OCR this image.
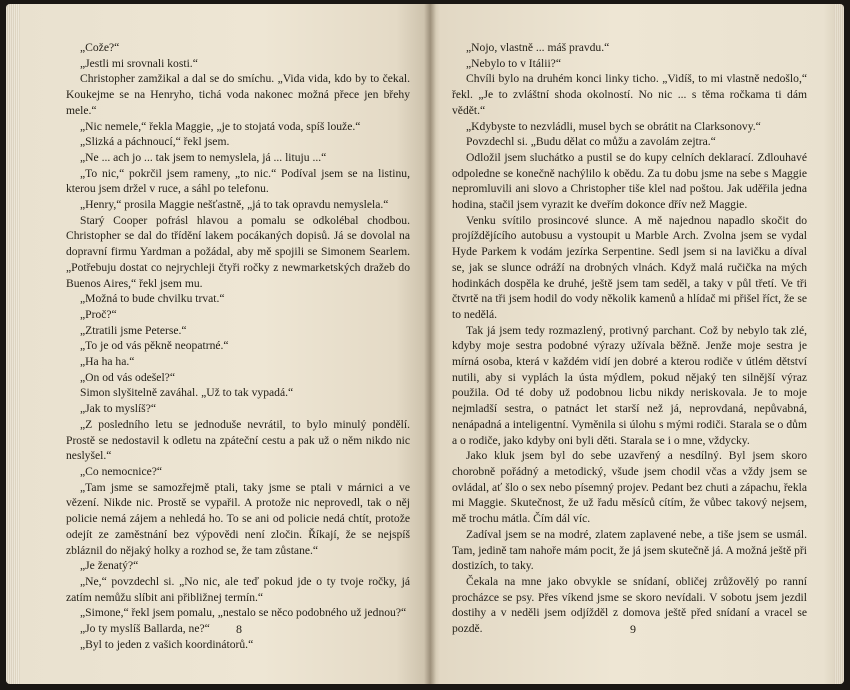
„Cože?“

„Jestli mi srovnali kosti.“

Christopher zamžikal a dal se do smíchu. „Vida vida, kdo by to čekal. Koukejme se na Henryho, tichá voda nakonec možná přece jen břehy mele.“

„Nic nemele,“ řekla Maggie, „je to stojatá voda, spíš louže.“

„Slizká a páchnoucí,“ řekl jsem.

„Ne ... ach jo ... tak jsem to nemyslela, já ... lituju ...“

„To nic,“ pokrčil jsem rameny, „to nic.“ Podíval jsem se na listinu, kterou jsem držel v ruce, a sáhl po telefonu.

„Henry,“ prosila Maggie nešťastně, „já to tak opravdu nemyslela.“

Starý Cooper pofrásl hlavou a pomalu se odkolébal chodbou. Christopher se dal do třídění lakem pocákaných dopisů. Já se dovolal na dopravní firmu Yardman a požádal, aby mě spojili se Simonem Searlem. „Potřebuju dostat co nejrychleji čtyři ročky z newmarketských dražeb do Buenos Aires,“ řekl jsem mu.

„Možná to bude chvilku trvat.“

„Proč?“

„Ztratili jsme Peterse.“

„To je od vás pěkně neopatrné.“

„Ha ha ha.“

„On od vás odešel?“

Simon slyšitelně zaváhal. „Už to tak vypadá.“

„Jak to myslíš?“

„Z posledního letu se jednoduše nevrátil, to bylo minulý pondělí. Prostě se nedostavil k odletu na zpáteční cestu a pak už o něm nikdo nic neslyšel.“

„Co nemocnice?“

„Tam jsme se samozřejmě ptali, taky jsme se ptali v márnici a ve vězení. Nikde nic. Prostě se vypařil. A protože nic neprovedl, tak o něj policie nemá zájem a nehledá ho. To se ani od policie nedá chtít, protože odejít ze zaměstnání bez výpovědi není zločin. Říkají, že se nejspíš zbláznil do nějaký holky a rozhod se, že tam zůstane.“

„Je ženatý?“

„Ne,“ povzdechl si. „No nic, ale teď pokud jde o ty tvoje ročky, já zatím nemůžu slíbit ani přibližnej termín.“

„Simone,“ řekl jsem pomalu, „nestalo se něco podobného už jednou?“

„Jo ty myslíš Ballarda, ne?“

„Byl to jeden z vašich koordinátorů.“

8

„Nojo, vlastně ... máš pravdu.“

„Nebylo to v Itálii?“

Chvíli bylo na druhém konci linky ticho. „Vidíš, to mi vlastně nedošlo,“ řekl. „Je to zvláštní shoda okolností. No nic ... s těma ročkama ti dám vědět.“

„Kdybyste to nezvládli, musel bych se obrátit na Clarksonovy.“

Povzdechl si. „Budu dělat co můžu a zavolám zejtra.“

Odložil jsem sluchátko a pustil se do kupy celních deklarací. Zdlouhavé odpoledne se konečně nachýlilo k obědu. Za tu dobu jsme na sebe s Maggie nepromluvili ani slovo a Christopher tiše klel nad poštou. Jak uděřila jedna hodina, stačil jsem vyrazit ke dveřím dokonce dřív než Maggie.

Venku svítilo prosincové slunce. A mě najednou napadlo skočit do projíždějícího autobusu a vystoupit u Marble Arch. Zvolna jsem se vydal Hyde Parkem k vodám jezírka Serpentine. Sedl jsem si na lavičku a díval se, jak se slunce odráží na drobných vlnách. Když malá ručička na mých hodinkách dospěla ke druhé, ještě jsem tam seděl, a taky v půl třetí. Ve tři čtvrtě na tři jsem hodil do vody několik kamenů a hlídač mi přišel říct, že se to nedělá.

Tak já jsem tedy rozmazlený, protivný parchant. Což by nebylo tak zlé, kdyby moje sestra podobné výrazy užívala běžně. Jenže moje sestra je mírná osoba, která v každém vidí jen dobré a kterou rodiče v útlém dětství nutili, aby si vyplách la ústa mýdlem, pokud nějaký ten silnější výraz použila. Od té doby už podobnou licbu nikdy neriskovala. Je to moje nejmladší sestra, o patnáct let starší než já, neprovdaná, nepůvabná, nenápadná a inteligentní. Vyměnila si úlohu s mými rodiči. Starala se o dům a o rodiče, jako kdyby oni byli děti. Starala se i o mne, vždycky.

Jako kluk jsem byl do sebe uzavřený a nesdílný. Byl jsem skoro chorobně pořádný a metodický, všude jsem chodil včas a vždy jsem se ovládal, ať šlo o sex nebo písemný projev. Pedant bez chuti a zápachu, řekla mi Maggie. Skutečnost, že už řadu měsíců cítím, že vůbec takový nejsem, mě trochu mátla. Čím dál víc.

Zadíval jsem se na modré, zlatem zaplavené nebe, a tiše jsem se usmál. Tam, jedině tam nahoře mám pocit, že já jsem skutečně já. A možná ještě při dostizích, to taky.

Čekala na mne jako obvykle se snídaní, obličej zrůžovělý po ranní procházce se psy. Přes víkend jsme se skoro nevídali. V sobotu jsem jezdil dostihy a v neděli jsem odjížděl z domova ještě před snídaní a vracel se pozdě.	9
